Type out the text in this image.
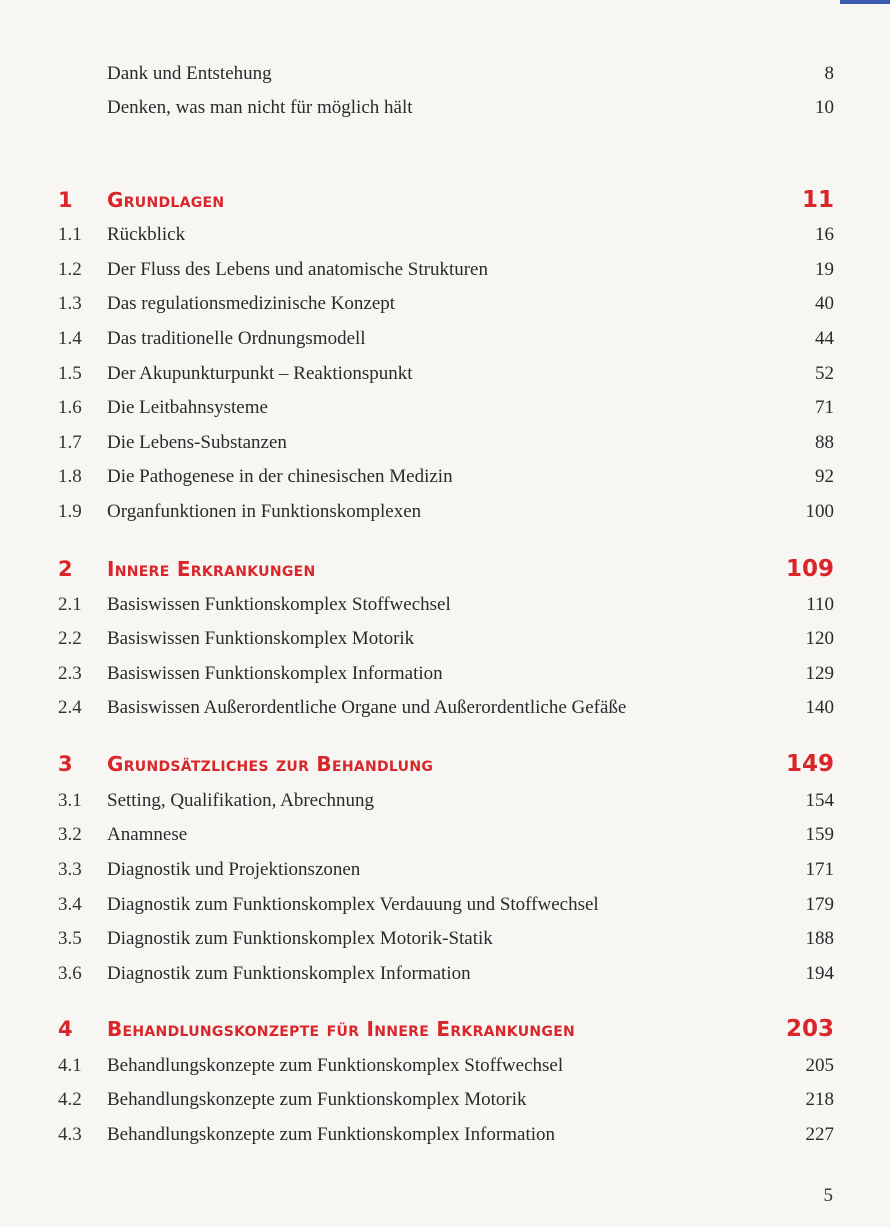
Dank und Entstehung	8
Denken, was man nicht für möglich hält	10
1 Grundlagen	11
1.1 Rückblick	16
1.2 Der Fluss des Lebens und anatomische Strukturen	19
1.3 Das regulationsmedizinische Konzept	40
1.4 Das traditionelle Ordnungsmodell	44
1.5 Der Akupunkturpunkt – Reaktionspunkt	52
1.6 Die Leitbahnsysteme	71
1.7 Die Lebens-Substanzen	88
1.8 Die Pathogenese in der chinesischen Medizin	92
1.9 Organfunktionen in Funktionskomplexen	100
2 Innere Erkrankungen	109
2.1 Basiswissen Funktionskomplex Stoffwechsel	110
2.2 Basiswissen Funktionskomplex Motorik	120
2.3 Basiswissen Funktionskomplex Information	129
2.4 Basiswissen Außerordentliche Organe und Außerordentliche Gefäße	140
3 Grundsätzliches zur Behandlung	149
3.1 Setting, Qualifikation, Abrechnung	154
3.2 Anamnese	159
3.3 Diagnostik und Projektionszonen	171
3.4 Diagnostik zum Funktionskomplex Verdauung und Stoffwechsel	179
3.5 Diagnostik zum Funktionskomplex Motorik-Statik	188
3.6 Diagnostik zum Funktionskomplex Information	194
4 Behandlungskonzepte für Innere Erkrankungen	203
4.1 Behandlungskonzepte zum Funktionskomplex Stoffwechsel	205
4.2 Behandlungskonzepte zum Funktionskomplex Motorik	218
4.3 Behandlungskonzepte zum Funktionskomplex Information	227
5
